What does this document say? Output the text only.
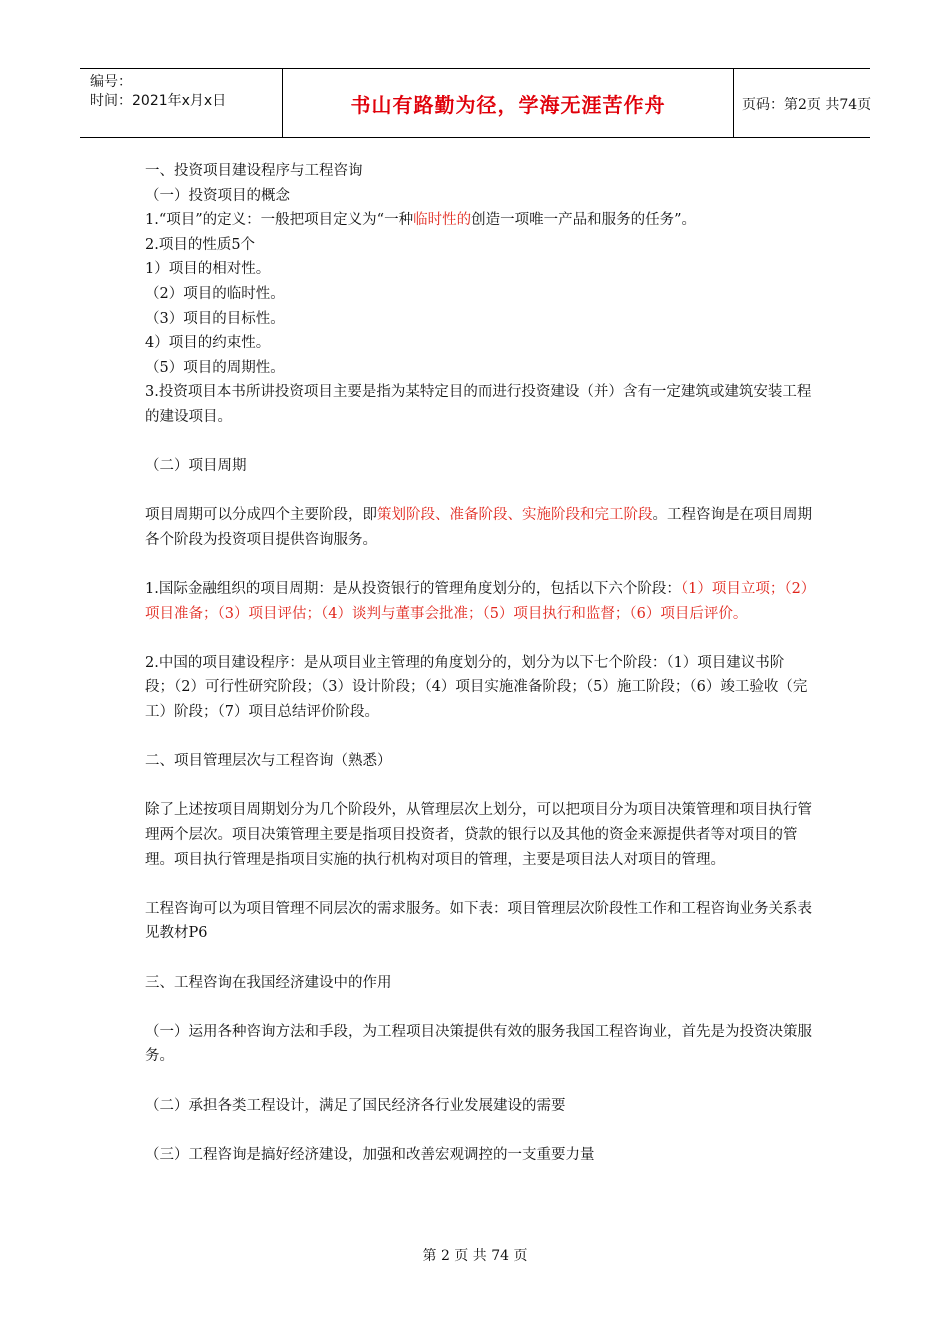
编号：
时间：2021年x月x日	书山有路勤为径，学海无涯苦作舟	页码：第2页 共74页

一、投资项目建设程序与工程咨询

（一）投资项目的概念

1.“项目”的定义：一般把项目定义为“一种临时性的创造一项唯一产品和服务的任务”。

2.项目的性质5个

1）项目的相对性。

（2）项目的临时性。

（3）项目的目标性。

4）项目的约束性。

（5）项目的周期性。

3.投资项目本书所讲投资项目主要是指为某特定目的而进行投资建设（并）含有一定建筑或建筑安装工程的建设项目。

（二）项目周期

项目周期可以分成四个主要阶段，即策划阶段、准备阶段、实施阶段和完工阶段。工程咨询是在项目周期各个阶段为投资项目提供咨询服务。

1.国际金融组织的项目周期：是从投资银行的管理角度划分的，包括以下六个阶段：（1）项目立项；（2）项目准备；（3）项目评估；（4）谈判与董事会批准；（5）项目执行和监督；（6）项目后评价。

2.中国的项目建设程序：是从项目业主管理的角度划分的，划分为以下七个阶段：（1）项目建议书阶段；（2）可行性研究阶段；（3）设计阶段；（4）项目实施准备阶段；（5）施工阶段；（6）竣工验收（完工）阶段；（7）项目总结评价阶段。

二、项目管理层次与工程咨询（熟悉）

除了上述按项目周期划分为几个阶段外，从管理层次上划分，可以把项目分为项目决策管理和项目执行管理两个层次。项目决策管理主要是指项目投资者，贷款的银行以及其他的资金来源提供者等对项目的管理。项目执行管理是指项目实施的执行机构对项目的管理，主要是项目法人对项目的管理。

工程咨询可以为项目管理不同层次的需求服务。如下表：项目管理层次阶段性工作和工程咨询业务关系表见教材P6

三、工程咨询在我国经济建设中的作用

（一）运用各种咨询方法和手段，为工程项目决策提供有效的服务我国工程咨询业，首先是为投资决策服务。

（二）承担各类工程设计，满足了国民经济各行业发展建设的需要

（三）工程咨询是搞好经济建设，加强和改善宏观调控的一支重要力量

第 2 页 共 74 页
